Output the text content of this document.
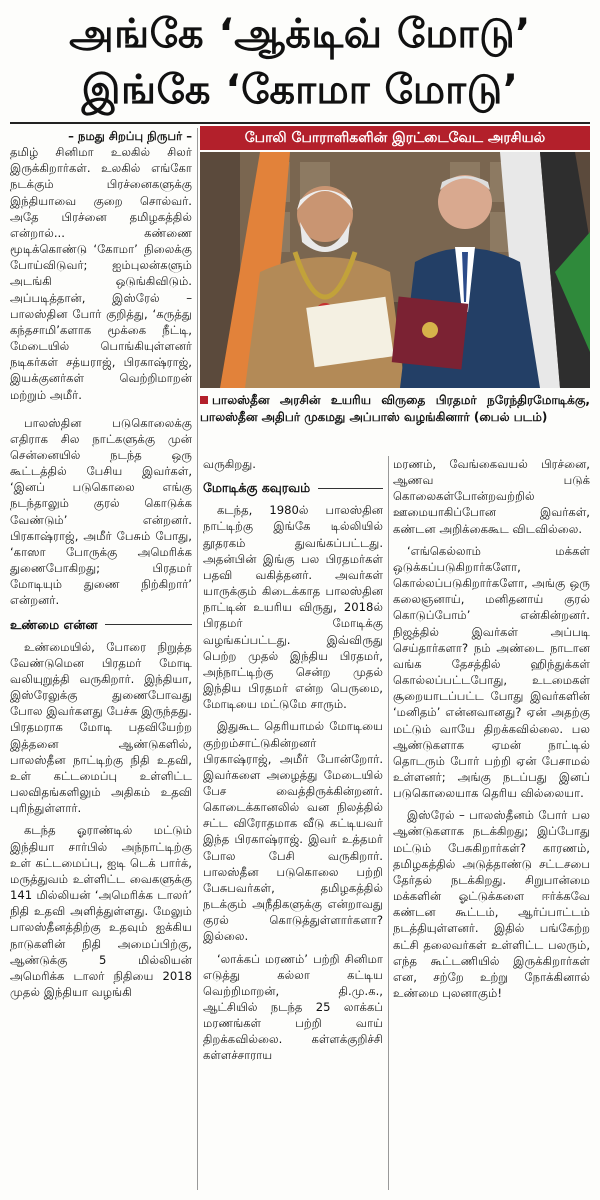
அங்கே ‘ஆக்டிவ் மோடு’
இங்கே ‘கோமா மோடு’
– நமது சிறப்பு நிருபர் –

தமிழ் சினிமா உலகில் சிலர் இருக்கிறார்கள். உலகில் எங்கோ நடக்கும் பிரச்னைகளுக்கு இந்தியாவை குறை சொல்வர். அதே பிரச்னை தமிழகத்தில் என்றால்... கண்ணை மூடிக்கொண்டு ‘கோமா’ நிலைக்கு போய்விடுவர்; ஐம்புலன்களும் அடங்கி ஒடுங்கிவிடும். அப்படித்தான், இஸ்ரேல் – பாலஸ்தின போர் குறித்து, ‘கருத்து கந்தசாமி’களாக மூக்கை நீட்டி, மேடையில் பொங்கியுள்ளனர் நடிகர்கள் சத்யராஜ், பிரகாஷ்ராஜ், இயக்குனர்கள் வெற்றிமாறன் மற்றும் அமீர்.

பாலஸ்தின படுகொலைக்கு எதிராக சில நாட்களுக்கு முன் சென்னையில் நடந்த ஒரு கூட்டத்தில் பேசிய இவர்கள், ‘இனப் படுகொலை எங்கு நடந்தாலும் குரல் கொடுக்க வேண்டும்’ என்றனர். பிரகாஷ்ராஜ், அமீர் பேசும் போது, ‘காஸா போருக்கு அமெரிக்க துணைபோகிறது; பிரதமர் மோடியும் துணை நிற்கிறார்’ என்றனர்.

உண்மை என்ன

உண்மையில், போரை நிறுத்த வேண்டுமென பிரதமர் மோடி வலியுறுத்தி வருகிறார். இந்தியா, இஸ்ரேலுக்கு துணைபோவது போல இவர்களது பேச்சு இருந்தது. பிரதமராக மோடி பதவியேற்ற இத்தனை ஆண்டுகளில், பாலஸ்தீன நாட்டிற்கு நிதி உதவி, உள் கட்டமைப்பு உள்ளிட்ட பலவிதங்களிலும் அதிகம் உதவி புரிந்துள்ளார்.

கடந்த ஓராண்டில் மட்டும் இந்தியா சார்பில் அந்நாட்டிற்கு உள் கட்டமைப்பு, ஐடி டெக் பார்க், மருத்துவம் உள்ளிட்ட வைகளுக்கு 141 மில்லியன் ‘அமெரிக்க டாலர்’ நிதி உதவி அளித்துள்ளது. மேலும் பாலஸ்தீனத்திற்கு உதவும் ஐக்கிய நாடுகளின் நிதி அமைப்பிற்கு, ஆண்டுக்கு 5 மில்லியன் அமெரிக்க டாலர் நிதியை 2018 முதல் இந்தியா வழங்கி

போலி போராளிகளின் இரட்டைவேட அரசியல்
பாலஸ்தீன அரசின் உயரிய விருதை பிரதமர் நரேந்திரமோடிக்கு, பாலஸ்தீன அதிபர் முகமது அப்பாஸ் வழங்கினார் (பைல் படம்)

வருகிறது.

மோடிக்கு கவுரவம்

கடந்த, 1980ல் பாலஸ்தின நாட்டிற்கு இங்கே டில்லியில் தூதரகம் துவங்கப்பட்டது. அதன்பின் இங்கு பல பிரதமர்கள் பதவி வகித்தனர். அவர்கள் யாருக்கும் கிடைக்காத பாலஸ்தின நாட்டின் உயரிய விருது, 2018ல் பிரதமர் மோடிக்கு வழங்கப்பட்டது. இவ்விருது பெற்ற முதல் இந்திய பிரதமர், அந்நாட்டிற்கு சென்ற முதல் இந்திய பிரதமர் என்ற பெருமை, மோடியை மட்டுமே சாரும்.

இதுகூட தெரியாமல் மோடியை குற்றம்சாட்டுகின்றனர் பிரகாஷ்ராஜ், அமீர் போன்றோர். இவர்களை அழைத்து மேடையில் பேச வைத்திருக்கின்றனர். கொடைக்கானலில் வன நிலத்தில் சட்ட விரோதமாக வீடு கட்டியவர் இந்த பிரகாஷ்ராஜ். இவர் உத்தமர் போல பேசி வருகிறார். பாலஸ்தீன படுகொலை பற்றி பேசுபவர்கள், தமிழகத்தில் நடக்கும் அநீதிகளுக்கு என்றாவது குரல் கொடுத்துள்ளார்களா? இல்லை.

‘லாக்கப் மரணம்’ பற்றி சினிமா எடுத்து கல்லா கட்டிய வெற்றிமாறன், தி.மு.க., ஆட்சியில் நடந்த 25 லாக்கப் மரணங்கள் பற்றி வாய் திறக்கவில்லை. கள்ளக்குறிச்சி கள்ளச்சாராய

மரணம், வேங்கைவயல் பிரச்னை, ஆணவ படுக் கொலைகள்போன்றவற்றில் ஊமையாகிப்போன இவர்கள், கண்டன அறிக்கைகூட விடவில்லை.

‘எங்கெல்லாம் மக்கள் ஒடுக்கப்படுகிறார்களோ, கொல்லப்படுகிறார்களோ, அங்கு ஒரு கலைஞனாய், மனிதனாய் குரல் கொடுப்போம்’ என்கின்றனர். நிஜத்தில் இவர்கள் அப்படி செய்தார்களா? நம் அண்டை நாடான வங்க தேசத்தில் ஹிந்துக்கள் கொல்லப்பட்டபோது, உடமைகள் சூறையாடப்பட்ட போது இவர்களின் ‘மனிதம்’ என்னவானது? ஏன் அதற்கு மட்டும் வாயே திறக்கவில்லை. பல ஆண்டுகளாக ஏமன் நாட்டில் தொடரும் போர் பற்றி ஏன் பேசாமல் உள்ளனர்; அங்கு நடப்பது இனப் படுகொலையாக தெரிய வில்லையா.

இஸ்ரேல் – பாலஸ்தீனம் போர் பல ஆண்டுகளாக நடக்கிறது; இப்போது மட்டும் பேசுகிறார்கள்? காரணம், தமிழகத்தில் அடுத்தாண்டு சட்டசபை தேர்தல் நடக்கிறது. சிறுபான்மை மக்களின் ஓட்டுக்களை ஈர்க்கவே கண்டன கூட்டம், ஆர்ப்பாட்டம் நடத்தியுள்ளனர். இதில் பங்கேற்ற கட்சி தலைவர்கள் உள்ளிட்ட பலரும், எந்த கூட்டணியில் இருக்கிறார்கள் என, சற்றே உற்று நோக்கினால் உண்மை புலனாகும்!
